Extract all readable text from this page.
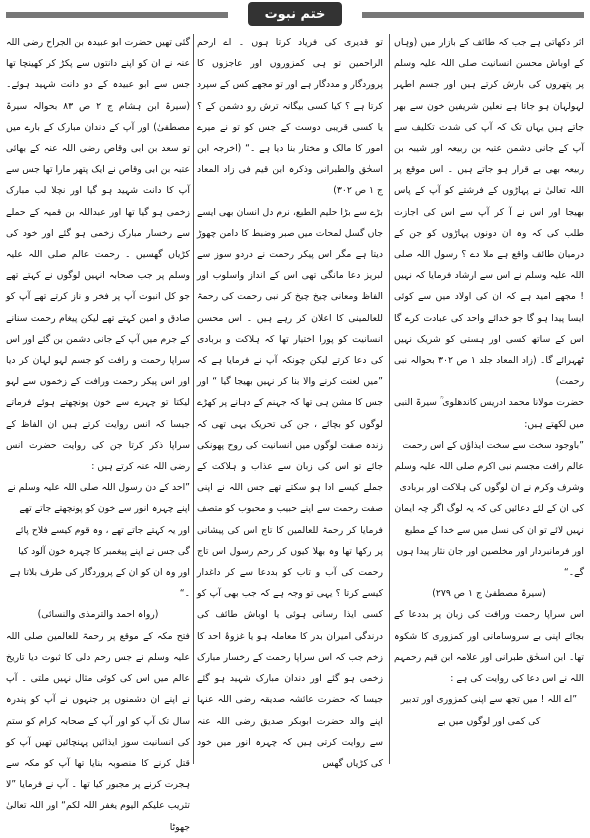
ختم نبوت

اثر دکھاتی ہے جب کہ طائف کے بازار میں (وہاں کے اوباش محسن انسانیت صلی اللہ علیہ وسلم پر پتھروں کی بارش کرتے ہیں اور جسم اطہر لہولہان ہو جاتا ہے نعلین شریفین خون سے بھر جاتے ہیں یہاں تک کہ آپ کی شدت تکلیف سے آپ کے جانی دشمن عتبہ بن ربیعہ اور شیبہ بن ربیعہ بھی بے قرار ہو جاتے ہیں ۔ اس موقع پر اللہ تعالیٰ نے پہاڑوں کے فرشتے کو آپ کے پاس بھیجا اور اس نے آ کر آپ سے اس کی اجازت طلب کی کہ وہ ان دونوں پہاڑوں کو جن کے درمیان طائف واقع ہے ملا دے ؟ رسول اللہ صلی اللہ علیہ وسلم نے اس سے ارشاد فرمایا کہ نہیں ! مجھے امید ہے کہ ان کی اولاد میں سے کوئی ایسا پیدا ہو گا جو خدائے واحد کی عبادت کرے گا اس کے ساتھ کسی اور ہستی کو شریک نہیں ٹھہرائے گا۔ (زاد المعاد جلد ۱ ص ۳۰۲ بحوالہ نبی رحمت)

حضرت مولانا محمد ادریس کاندھلوی ؒ سیرۃ النبی میں لکھتے ہیں:

”باوجود سخت سے سخت ایذاؤں کے اس رحمت عالم رافت مجسم نبی اکرم صلی اللہ علیہ وسلم وشرف وکرم نے ان لوگوں کی ہلاکت اور بربادی کی ان کے لئے دعائیں کی کہ یہ لوگ اگر چہ ایمان نہیں لائے تو ان کی نسل میں سے خدا کے مطیع اور فرمانبردار اور مخلصین اور جان نثار پیدا ہوں گے۔“

(سیرۃ مصطفیٰ ج ۱ ص ۲۷۹)

اس سراپا رحمت ورافت کی زبان پر بددعا کے بجائے اپنی بے سروسامانی اور کمزوری کا شکوہ تھا۔ ابن اسحٰق طبرانی اور علامہ ابن قیم رحمہم اللہ نے اس دعا کی روایت کی ہے :

”اے اللہ ! میں تجھ سے اپنی کمزوری اور تدبیر کی کمی اور لوگوں میں بے

تو قدیری کی فریاد کرتا ہوں ۔ اے ارحم الراحمین تو ہی کمزوروں اور عاجزوں کا پروردگار و مددگار ہے اور تو مجھے کس کے سپرد کرتا ہے ؟ کیا کسی بیگانہ ترش رو دشمن کے ؟ یا کسی قریبی دوست کے جس کو تو نے میرے امور کا مالک و مختار بنا دیا ہے ۔“ (اخرجہ ابن اسحٰق والطبرانی وذکرہ ابن قیم فی زاد المعاد ج ۱ ص ۳۰۲)

بڑے سے بڑا حلیم الطبع، نرم دل انسان بھی ایسے جاں گسل لمحات میں صبر وضبط کا دامن چھوڑ دیتا ہے مگر اس پیکر رحمت نے دردو سوز سے لبریز دعا مانگی تھی اس کے انداز واسلوب اور الفاظ ومعانی چیخ چیخ کر نبی رحمت کی رحمۃ للعالمینی کا اعلان کر رہے ہیں ۔ اس محسن انسانیت کو پورا اختیار تھا کہ ہلاکت و بربادی کی دعا کرتے لیکن چونکہ آپ نے فرمایا ہے کہ ”میں لعنت کرنے والا بنا کر نہیں بھیجا گیا “ اور جس کا مشن ہی تھا کہ جہنم کے دہانے پر کھڑے لوگوں کو بچائے ، جن کی تحریک یہی تھی کہ زندہ صفت لوگوں میں انسانیت کی روح پھونکی جائے تو اس کی زبان سے عذاب و ہلاکت کے جملے کیسے ادا ہو سکتے تھے جس اللہ نے اپنی صفت رحمت سے اپنے حبیب و محبوب کو متصف فرمایا کر رحمۃ للعالمین کا تاج اس کی پیشانی پر رکھا تھا وہ بھلا کیوں کر رحم رسول اس تاج رحمت کی آب و تاب کو بددعا سے کر داغدار کیسے کرتا ؟ یہی تو وجہ ہے کہ جب بھی آپ کو کسی ایذا رسانی ہوئی یا اوباش طائف کی درندگی امیران بدر کا معاملہ ہو یا غزوۂ احد کا زخم جب کہ اس سراپا رحمت کے رخسار مبارک زخمی ہو گئے اور دندان مبارک شہید ہو گئے جیسا کہ حضرت عائشہ صدیقہ رضی اللہ عنہا اپنے والد حضرت ابوبکر صدیق رضی اللہ عنہ سے روایت کرتی ہیں کہ چہرہ انور میں خود کی کڑیاں گھس

گئی تھیں حضرت ابو عبیدہ بن الجراح رضی اللہ عنہ نے ان کو اپنے دانتوں سے پکڑ کر کھینچا تھا جس سے ابو عبیدہ کے دو دانت شہید ہوئے۔ (سیرۃ ابن ہشام ج ۲ ص ۸۳ بحوالہ سیرۃ مصطفیٰ) اور آپ کے دندان مبارک کے بارے میں تو سعد بن ابی وقاص رضی اللہ عنہ کے بھائی عتبہ بن ابی وقاص نے ایک پتھر مارا تھا جس سے آپ کا دانت شہید ہو گیا اور نچلا لب مبارک زخمی ہو گیا تھا اور عبداللہ بن قمیہ کے حملے سے رخسار مبارک زخمی ہو گئے اور خود کی کڑیاں گھسیں ۔ رحمت عالم صلی اللہ علیہ وسلم پر جب صحابہ انہیں لوگوں نے کہتے تھے جو کل انبوت آپ پر فخر و ناز کرتے تھے آپ کو صادق و امین کہتے تھے لیکن پیغام رحمت سنانے کے جرم میں آپ کے جانی دشمن بن گئے اور اس سراپا رحمت و رافت کو جسم لہو لہان کر دیا اور اس پیکر رحمت ورافت کے زخموں سے لہو لیکتا تو چہرے سے خون پونچھتے ہوئے فرماتے جیسا کہ انس روایت کرتے ہیں ان الفاظ کے سراپا ذکر کرتا جن کی روایت حضرت انس رضی اللہ عنہ کرتے ہیں :

”احد کے دن رسول اللہ صلی اللہ علیہ وسلم نے اپنے چہرہ انور سے خون کو پونچھتے جاتے تھے اور یہ کہتے جاتے تھے ، وہ قوم کیسے فلاح پائے گی جس نے اپنے پیغمبر کا چہرہ خون آلود کیا اور وہ ان کو ان کے پروردگار کی طرف بلاتا ہے ۔“

(رواہ احمد والترمذی والنسائی)

فتح مکہ کے موقع پر رحمۃ للعالمین صلی اللہ علیہ وسلم نے جس رحم دلی کا ثبوت دیا تاریخ عالم میں اس کی کوئی مثال نہیں ملتی ۔ آپ نے اپنے ان دشمنوں پر جنہوں نے آپ کو پندرہ سال تک آپ کو اور آپ کے صحابہ کرام کو ستم کی انسانیت سوز ایذائیں پہنچائیں تھیں آپ کو قتل کرنے کا منصوبہ بنایا تھا آپ کو مکہ سے ہجرت کرنے پر مجبور کیا تھا ۔ آپ نے فرمایا ”لا تثریب علیکم الیوم یغفر اللہ لکم“ اور اللہ تعالیٰ جھوٹا
